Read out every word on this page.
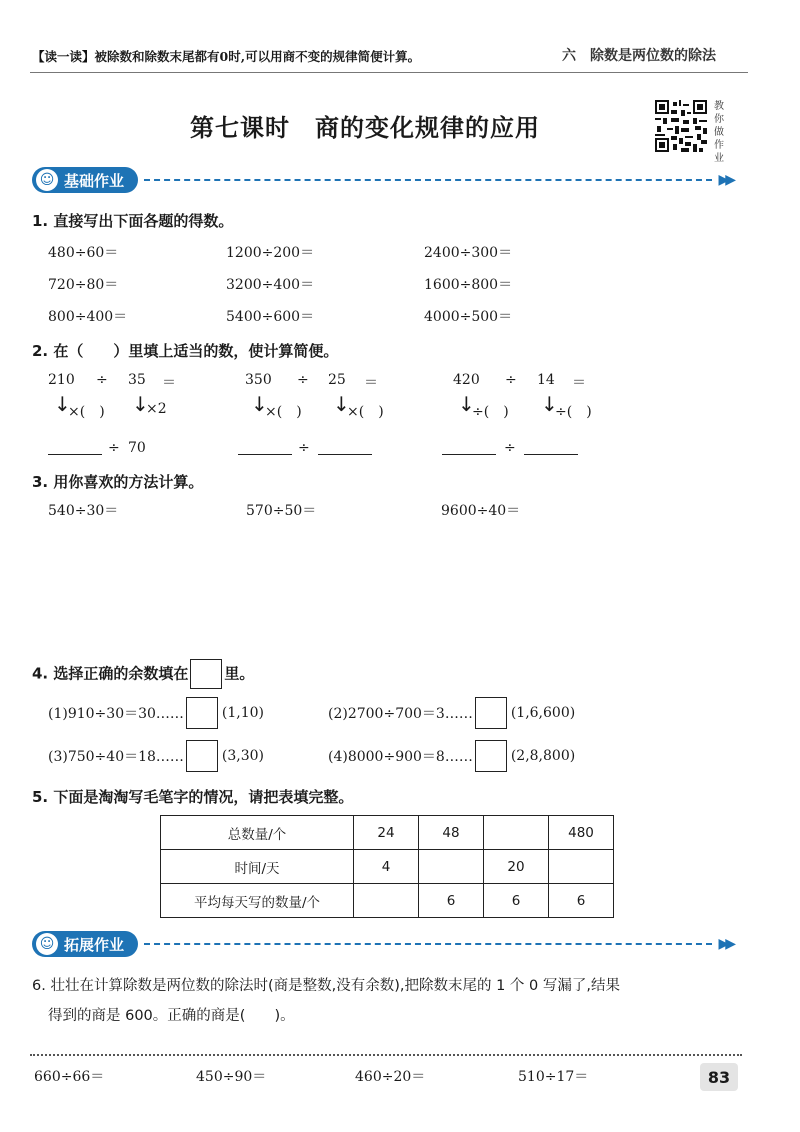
【读一读】被除数和除数末尾都有0时,可以用商不变的规律简便计算。	六　除数是两位数的除法
第七课时　商的变化规律的应用
教你做作业
☺ 基础作业	▶▶
1. 直接写出下面各题的得数。
480÷60＝	1200÷200＝	2400÷300＝
720÷80＝	3200÷400＝	1600÷800＝
800÷400＝	5400÷600＝	4000÷500＝
2. 在（　　）里填上适当的数，使计算简便。
210 ÷ 35 ＝
↓
×(　) ↓
×2
÷ 70
350 ÷ 25 ＝
↓
×(　) ↓
×(　)
÷
420 ÷ 14 ＝
↓
÷(　) ↓
÷(　)
÷
3. 用你喜欢的方法计算。
540÷30＝	570÷50＝	9600÷40＝
4. 选择正确的余数填在 里。
(1)910÷30＝30……	(1,10)	(2)2700÷700＝3……	(1,6,600)
(3)750÷40＝18……	(3,30)	(4)8000÷900＝8……	(2,8,800)
5. 下面是淘淘写毛笔字的情况，请把表填完整。
总数量/个	24	48		480
时间/天	4		20	
平均每天写的数量/个		6	6	6
☺ 拓展作业	▶▶
6. 壮壮在计算除数是两位数的除法时(商是整数,没有余数),把除数末尾的 1 个 0 写漏了,结果
得到的商是 600。正确的商是(　　)。
660÷66＝	450÷90＝	460÷20＝	510÷17＝	83
